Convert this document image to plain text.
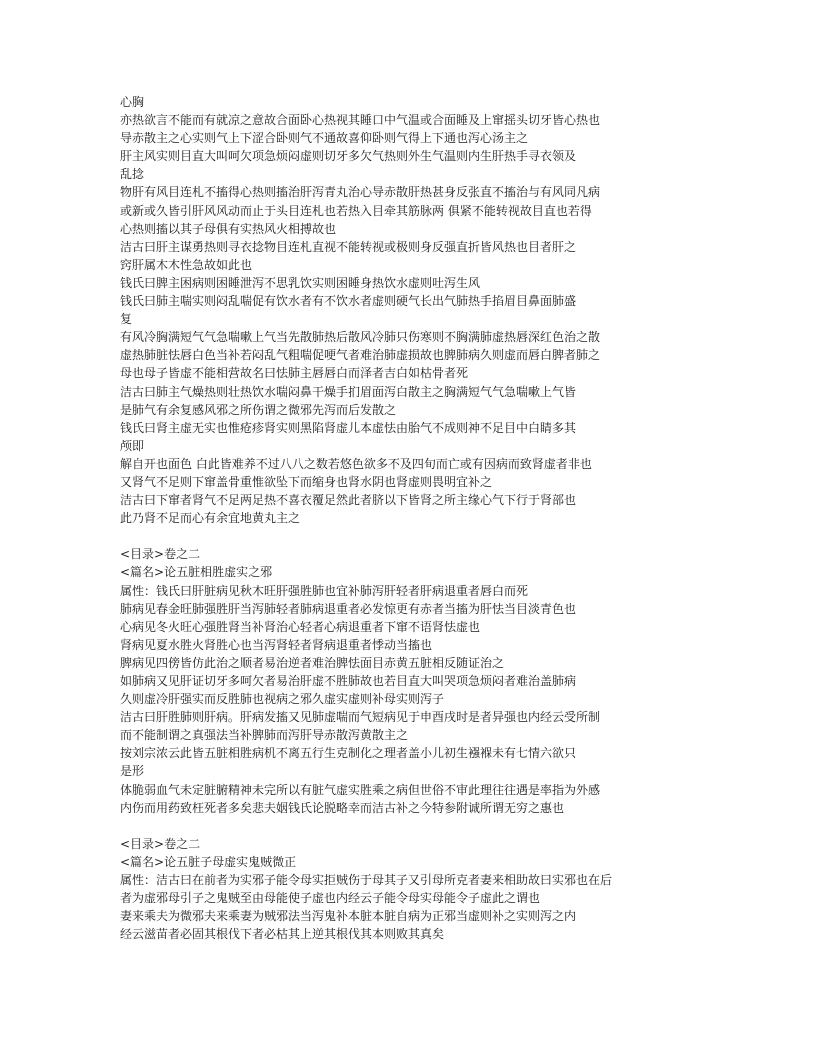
心胸
亦热欲言不能而有就凉之意故合面卧心热视其睡口中气温或合面睡及上窜摇头切牙皆心热也
导赤散主之心实则气上下涩合卧则气不通故喜仰卧则气得上下通也泻心汤主之
肝主风实则目直大叫呵欠项急烦闷虚则切牙多欠气热则外生气温则内生肝热手寻衣领及
乱捻
物肝有风目连札不搐得心热则搐治肝泻青丸治心导赤散肝热甚身反张直不搐治与有风同凡病
或新或久皆引肝风风动而止于头目连札也若热入目牵其筋脉两 俱紧不能转视故目直也若得
心热则搐以其子母俱有实热风火相搏故也
洁古曰肝主谋勇热则寻衣捻物目连札直视不能转视或极则身反强直折皆风热也目者肝之
窍肝属木木性急故如此也
钱氏曰脾主困病则困睡泄泻不思乳饮实则困睡身热饮水虚则吐泻生风
钱氏曰肺主喘实则闷乱喘促有饮水者有不饮水者虚则硬气长出气肺热手掐眉目鼻面肺盛
复
有风冷胸满短气气急喘嗽上气当先散肺热后散风冷肺只伤寒则不胸满肺虚热唇深红色治之散
虚热肺脏怯唇白色当补若闷乱气粗喘促哽气者难治肺虚损故也脾肺病久则虚而唇白脾者肺之
母也母子皆虚不能相营故名曰怯肺主唇唇白而泽者吉白如枯骨者死
洁古曰肺主气燥热则壮热饮水喘闷鼻干燥手扪眉面泻白散主之胸满短气气急喘嗽上气皆
是肺气有余复感风邪之所伤谓之微邪先泻而后发散之
钱氏曰肾主虚无实也惟疮疹肾实则黑陷肾虚儿本虚怯由胎气不成则神不足目中白睛多其
颅即
解自开也面色 白此皆难养不过八八之数若悠色欲多不及四旬而亡或有因病而致肾虚者非也
又肾气不足则下窜盖骨重惟欲坠下而缩身也肾水阴也肾虚则畏明宜补之
洁古曰下窜者肾气不足两足热不喜衣覆足然此者脐以下皆肾之所主缘心气下行于肾部也
此乃肾不足而心有余宜地黄丸主之
<目录>卷之二
<篇名>论五脏相胜虚实之邪
属性：钱氏曰肝脏病见秋木旺肝强胜肺也宜补肺泻肝轻者肝病退重者唇白而死
肺病见春金旺肺强胜肝当泻肺轻者肺病退重者必发惊更有赤者当搐为肝怯当目淡青色也
心病见冬火旺心强胜肾当补肾治心轻者心病退重者下窜不语肾怯虚也
肾病见夏水胜火肾胜心也当泻肾轻者肾病退重者悸动当搐也
脾病见四傍皆仿此治之顺者易治逆者难治脾怯面目赤黄五脏相反随证治之
如肺病又见肝证切牙多呵欠者易治肝虚不胜肺故也若目直大叫哭项急烦闷者难治盖肺病
久则虚冷肝强实而反胜肺也视病之邪久虚实虚则补母实则泻子
洁古曰肝胜肺则肝病。肝病发搐又见肺虚喘而气短病见于申酉戌时是者异强也内经云受所制
而不能制谓之真强法当补脾肺而泻肝导赤散泻黄散主之
按刘宗浓云此皆五脏相胜病机不离五行生克制化之理者盖小儿初生襁褓未有七情六欲只
是形
体脆弱血气未定脏腑精神未完所以有脏气虚实胜乘之病但世俗不审此理往往遇是率指为外感
内伤而用药致枉死者多矣悲夫姻钱氏论脱略幸而洁古补之今特参附诚所谓无穷之惠也
<目录>卷之二
<篇名>论五脏子母虚实鬼贼微正
属性：洁古曰在前者为实邪子能令母实拒贼伤于母其子又引母所克者妻来相助故曰实邪也在后
者为虚邪母引子之鬼贼至由母能使子虚也内经云子能令母实母能令子虚此之谓也
妻来乘夫为微邪夫来乘妻为贼邪法当泻鬼补本脏本脏自病为正邪当虚则补之实则泻之内
经云滋苗者必固其根伐下者必枯其上逆其根伐其本则败其真矣
